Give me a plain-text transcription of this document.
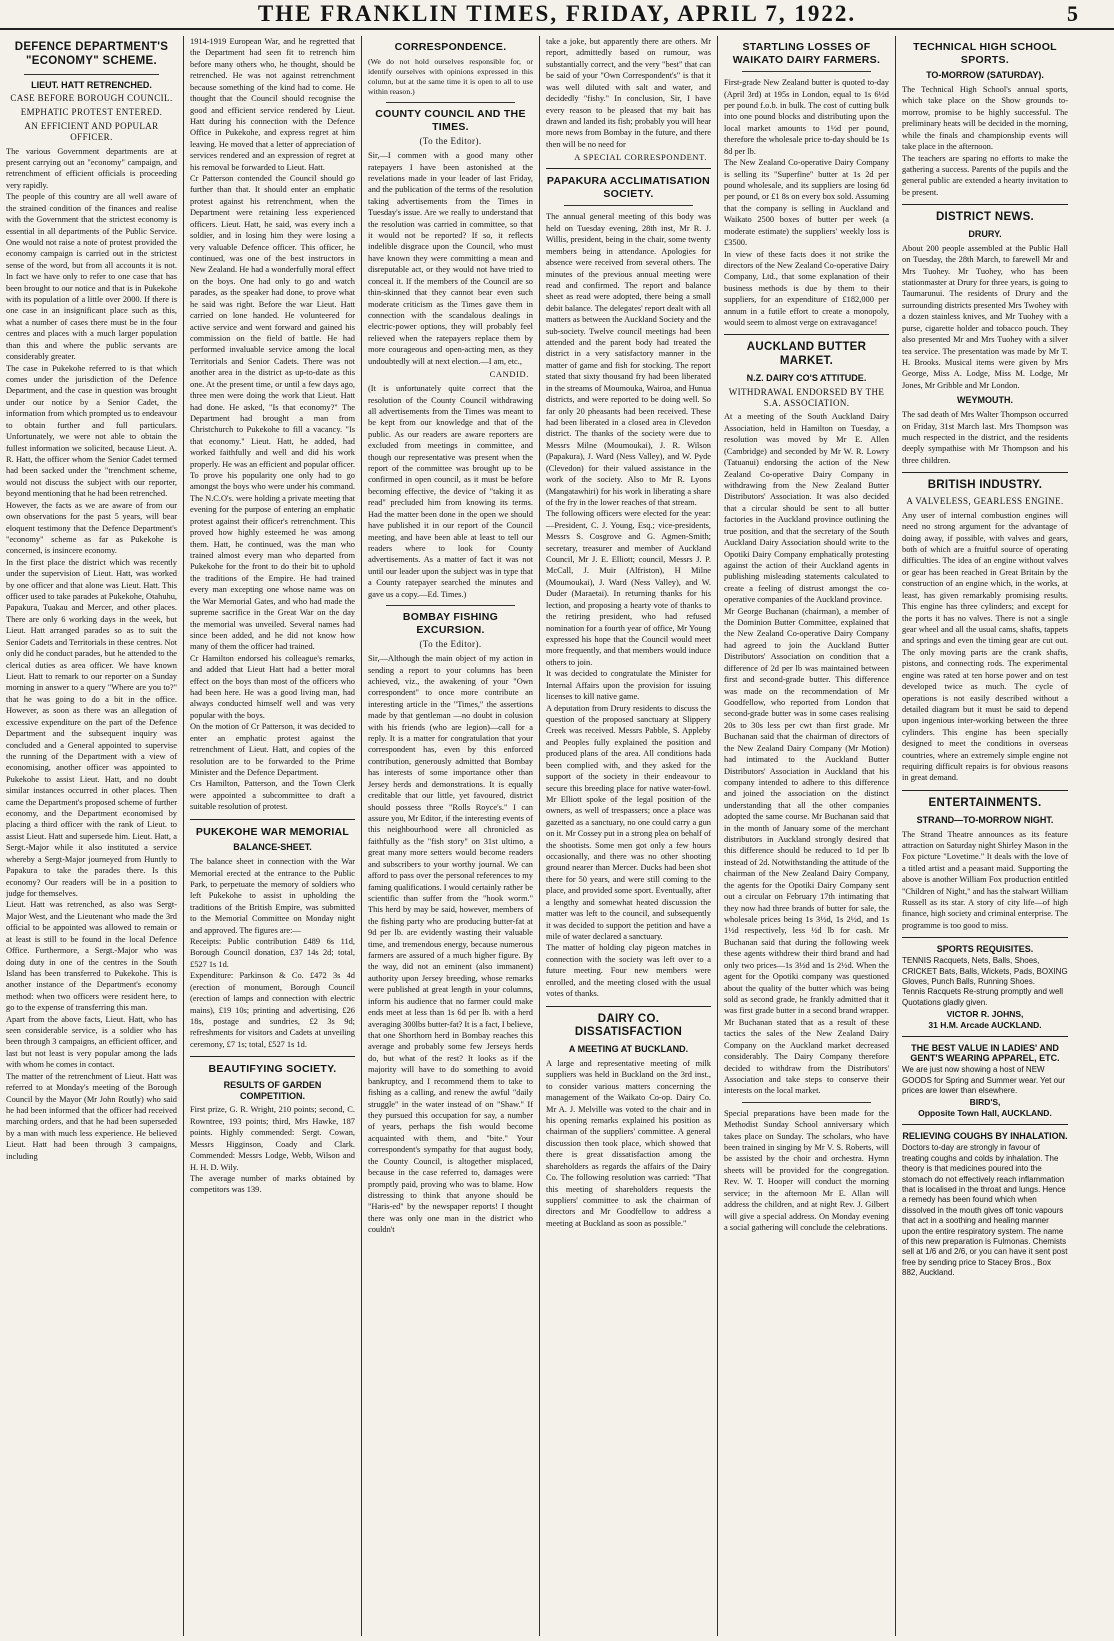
THE FRANKLIN TIMES, FRIDAY, APRIL 7, 1922.	5
DEFENCE DEPARTMENT'S "ECONOMY" SCHEME.
LIEUT. HATT RETRENCHED.
CASE BEFORE BOROUGH COUNCIL.
EMPHATIC PROTEST ENTERED.
AN EFFICIENT AND POPULAR OFFICER.

The various Government departments are at present carrying out an "economy" campaign, and retrenchment of efficient officials is proceeding very rapidly.
The people of this country are all well aware of the strained condition of the finances and realise with the Government that the strictest economy is essential in all departments of the Public Service. One would not raise a note of protest provided the economy campaign is carried out in the strictest sense of the word, but from all accounts it is not. In fact we have only to refer to one case that has been brought to our notice and that is in Pukekohe with its population of a little over 2000. If there is one case in an insignificant place such as this, what a number of cases there must be in the four centres and places with a much larger population than this and where the public servants are considerably greater.
The case in Pukekohe referred to is that which comes under the jurisdiction of the Defence Department, and the case in question was brought under our notice by a Senior Cadet, the information from which prompted us to endeavour to obtain further and full particulars. Unfortunately, we were not able to obtain the fullest information we solicited, because Lieut. A. R. Hatt, the officer whom the Senior Cadet termed had been sacked under the "trenchment scheme, would not discuss the subject with our reporter, beyond mentioning that he had been retrenched.
However, the facts as we are aware of from our own observations for the past 5 years, will bear eloquent testimony that the Defence Department's "economy" scheme as far as Pukekohe is concerned, is insincere economy.
In the first place the district which was recently under the supervision of Lieut. Hatt, was worked by one officer and that alone was Lieut. Hatt. This officer used to take parades at Pukekohe, Otahuhu, Papakura, Tuakau and Mercer, and other places. There are only 6 working days in the week, but Lieut. Hatt arranged parades so as to suit the Senior Cadets and Territorials in these centres. Not only did he conduct parades, but he attended to the clerical duties as area officer. We have known Lieut. Hatt to remark to our reporter on a Sunday morning in answer to a query "Where are you to?" that he was going to do a bit in the office. However, as soon as there was an allegation of excessive expenditure on the part of the Defence Department and the subsequent inquiry was concluded and a General appointed to supervise the running of the Department with a view of economising, another officer was appointed to Pukekohe to assist Lieut. Hatt, and no doubt similar instances occurred in other places. Then came the Department's proposed scheme of further economy, and the Department economised by placing a third officer with the rank of Lieut. to assist Lieut. Hatt and supersede him. Lieut. Hatt, a Sergt.-Major while it also instituted a service whereby a Sergt-Major journeyed from Huntly to Papakura to take the parades there. Is this economy? Our readers will be in a position to judge for themselves.
Lieut. Hatt was retrenched, as also was Sergt-Major West, and the Lieutenant who made the 3rd official to be appointed was allowed to remain or at least is still to be found in the local Defence Office. Furthermore, a Sergt.-Major who was doing duty in one of the centres in the South Island has been transferred to Pukekohe. This is another instance of the Department's economy method: when two officers were resident here, to go to the expense of transferring this man.
Apart from the above facts, Lieut. Hatt, who has seen considerable service, is a soldier who has been through 3 campaigns, an efficient officer, and last but not least is very popular among the lads with whom he comes in contact.
The matter of the retrenchment of Lieut. Hatt was referred to at Monday's meeting of the Borough Council by the Mayor (Mr John Routly) who said he had been informed that the officer had received marching orders, and that he had been superseded by a man with much less experience. He believed Lieut. Hatt had been through 3 campaigns, including

1914-1919 European War, and he regretted that the Department had seen fit to retrench him before many others who, he thought, should be retrenched. He was not against retrenchment because something of the kind had to come. He thought that the Council should recognise the good and efficient service rendered by Lieut. Hatt during his connection with the Defence Office in Pukekohe, and express regret at him leaving. He moved that a letter of appreciation of services rendered and an expression of regret at his removal be forwarded to Lieut. Hatt.
Cr Patterson contended the Council should go further than that. It should enter an emphatic protest against his retrenchment, when the Department were retaining less experienced officers. Lieut. Hatt, he said, was every inch a soldier, and in losing him they were losing a very valuable Defence officer. This officer, he continued, was one of the best instructors in New Zealand. He had a wonderfully moral effect on the boys. One had only to go and watch parades, as the speaker had done, to prove what he said was right. Before the war Lieut. Hatt carried on lone handed. He volunteered for active service and went forward and gained his commission on the field of battle. He had performed invaluable service among the local Territorials and Senior Cadets. There was not another area in the district as up-to-date as this one. At the present time, or until a few days ago, three men were doing the work that Lieut. Hatt had done. He asked, "Is that economy?" The Department had brought a man from Christchurch to Pukekohe to fill a vacancy. "Is that economy." Lieut. Hatt, he added, had worked faithfully and well and did his work properly. He was an efficient and popular officer. To prove his popularity one only had to go amongst the boys who were under his command. The N.C.O's. were holding a private meeting that evening for the purpose of entering an emphatic protest against their officer's retrenchment. This proved how highly esteemed he was among them. Hatt, he continued, was the man who trained almost every man who departed from Pukekohe for the front to do their bit to uphold the traditions of the Empire. He had trained every man excepting one whose name was on the War Memorial Gates, and who had made the supreme sacrifice in the Great War on the day the memorial was unveiled. Several names had since been added, and he did not know how many of them the officer had trained.
Cr Hamilton endorsed his colleague's remarks, and added that Lieut Hatt had a better moral effect on the boys than most of the officers who had been here. He was a good living man, had always conducted himself well and was very popular with the boys.
On the motion of Cr Patterson, it was decided to enter an emphatic protest against the retrenchment of Lieut. Hatt, and copies of the resolution are to be forwarded to the Prime Minister and the Defence Department.
Crs Hamilton, Patterson, and the Town Clerk were appointed a subcommittee to draft a suitable resolution of protest.

PUKEKOHE WAR MEMORIAL
BALANCE-SHEET.

The balance sheet in connection with the War Memorial erected at the entrance to the Public Park, to perpetuate the memory of soldiers who left Pukekohe to assist in upholding the traditions of the British Empire, was submitted to the Memorial Committee on Monday night and approved. The figures are:—
Receipts: Public contribution £489 6s 11d, Borough Council donation, £37 14s 2d; total, £527 1s 1d.
Expenditure: Parkinson & Co. £472 3s 4d (erection of monument, Borough Council (erection of lamps and connection with electric mains), £19 10s; printing and advertising, £26 18s, postage and sundries, £2 3s 9d; refreshments for visitors and Cadets at unveiling ceremony, £7 1s; total, £527 1s 1d.

BEAUTIFYING SOCIETY.
RESULTS OF GARDEN COMPETITION.

First prize, G. R. Wright, 210 points; second, C. Rowntree, 193 points; third, Mrs Hawke, 187 points. Highly commended: Sergt. Cowan, Messrs Higginson, Coady and Clark. Commended: Messrs Lodge, Webb, Wilson and H. H. D. Wily.
The average number of marks obtained by competitors was 139.

CORRESPONDENCE.

(We do not hold ourselves responsible for, or identify ourselves with opinions expressed in this column, but at the same time it is open to all to use within reason.)

COUNTY COUNCIL AND THE TIMES.
(To the Editor).

Sir,—I commen with a good many other ratepayers I have been astonished at the revelations made in your leader of last Friday, and the publication of the terms of the resolution taking advertisements from the Times in Tuesday's issue. Are we really to understand that the resolution was carried in committee, so that it would not be reported? If so, it reflects indelible disgrace upon the Council, who must have known they were committing a mean and disreputable act, or they would not have tried to conceal it. If the members of the Council are so thin-skinned that they cannot bear even such moderate criticism as the Times gave them in connection with the scandalous dealings in electric-power options, they will probably feel relieved when the ratepayers replace them by more courageous and open-acting men, as they undoubtedly will at next election.—I am, etc.,

CANDID.

(It is unfortunately quite correct that the resolution of the County Council withdrawing all advertisements from the Times was meant to be kept from our knowledge and that of the public. As our readers are aware reporters are excluded from meetings in committee, and though our representative was present when the report of the committee was brought up to be confirmed in open council, as it must be before becoming effective, the device of "taking it as read" precluded him from knowing its terms. Had the matter been done in the open we should have published it in our report of the Council meeting, and have been able at least to tell our readers where to look for County advertisements. As a matter of fact it was not until our leader upon the subject was in type that a County ratepayer searched the minutes and gave us a copy.—Ed. Times.)

BOMBAY FISHING EXCURSION.
(To the Editor).

Sir,—Although the main object of my action in sending a report to your columns has been achieved, viz., the awakening of your "Own correspondent" to once more contribute an interesting article in the "Times," the assertions made by that gentleman —no doubt in colusion with his friends (who are legion)—call for a reply. It is a matter for congratulation that your correspondent has, even by this enforced contribution, generously admitted that Bombay has interests of some importance other than Jersey herds and demonstrations. It is equally creditable that our little, yet favoured, district should possess three "Rolls Royce's." I can assure you, Mr Editor, if the interesting events of this neighbourhood were all chronicled as faithfully as the "fish story" on 31st ultimo, a great many more setters would become readers and subscribers to your worthy journal. We can afford to pass over the personal references to my faming qualifications. I would certainly rather be scientific than suffer from the "hook worm." This herd by may be said, however, members of the fishing party who are producing butter-fat at 9d per lb. are evidently wasting their valuable time, and tremendous energy, because numerous farmers are assured of a much higher figure. By the way, did not an eminent (also immanent) authority upon Jersey breeding, whose remarks were published at great length in your columns, inform his audience that no farmer could make ends meet at less than 1s 6d per lb. with a herd averaging 300lbs butter-fat? It is a fact, I believe, that one Shorthorn herd in Bombay reaches this average and probably some few Jerseys herds do, but what of the rest? It looks as if the majority will have to do something to avoid bankruptcy, and I recommend them to take to fishing as a calling, and renew the awful "daily struggle" in the water instead of on "Shaw." If they pursued this occupation for say, a number of years, perhaps the fish would become acquainted with them, and "bite." Your correspondent's sympathy for that august body, the County Council, is altogether misplaced, because in the case referred to, damages were promptly paid, proving who was to blame. How distressing to think that anyone should be "Haris-ed" by the newspaper reports! I thought there was only one man in the district who couldn't

take a joke, but apparently there are others. Mr report, admittedly based on rumour, was substantially correct, and the very "best" that can be said of your "Own Correspondent's" is that it was well diluted with salt and water, and decidedly "fishy." In conclusion, Sir, I have every reason to be pleased that my bait has drawn and landed its fish; probably you will hear more news from Bombay in the future, and there then will be no need for

A SPECIAL CORRESPONDENT.
PAPAKURA ACCLIMATISATION SOCIETY.

The annual general meeting of this body was held on Tuesday evening, 28th inst, Mr R. J. Willis, president, being in the chair, some twenty members being in attendance. Apologies for absence were received from several others. The minutes of the previous annual meeting were read and confirmed. The report and balance sheet as read were adopted, there being a small debit balance. The delegates' report dealt with all matters as between the Auckland Society and the sub-society. Twelve council meetings had been attended and the parent body had treated the district in a very satisfactory manner in the matter of game and fish for stocking. The report stated that sixty thousand fry had been liberated in the streams of Moumouka, Wairoa, and Hunua districts, and were reported to be doing well. So far only 20 pheasants had been received. These had been liberated in a closed area in Clevedon district. The thanks of the society were due to Messrs Milne (Moumoukai), J. R. Wilson (Papakura), J. Ward (Ness Valley), and W. Pyde (Clevedon) for their valued assistance in the work of the society. Also to Mr R. Lyons (Mangatawhiri) for his work in liberating a share of the fry in the lower reaches of that stream.
The following officers were elected for the year:—President, C. J. Young, Esq.; vice-presidents, Messrs S. Cosgrove and G. Agmen-Smith; secretary, treasurer and member of Auckland Council, Mr J. E. Elliott; council, Messrs J. P. McCall, J. Muir (Alfriston), H Milne (Moumoukai), J. Ward (Ness Valley), and W. Duder (Maraetai). In returning thanks for his lection, and proposing a hearty vote of thanks to the retiring president, who had refused nomination for a fourth year of office, Mr Young expressed his hope that the Council would meet more frequently, and that members would induce others to join.
It was decided to congratulate the Minister for Internal Affairs upon the provision for issuing licenses to kill native game.
A deputation from Drury residents to discuss the question of the proposed sanctuary at Slippery Creek was received. Messrs Pabble, S. Appleby and Peoples fully explained the position and produced plans of the area. All conditions hada been complied with, and they asked for the support of the society in their endeavour to secure this breeding place for native water-fowl. Mr Elliott spoke of the legal position of the owners, as well of trespassers; once a place was gazetted as a sanctuary, no one could carry a gun on it. Mr Cossey put in a strong plea on behalf of the shootists. Some men got only a few hours occasionally, and there was no other shooting ground nearer than Mercer. Ducks had been shot there for 50 years, and were still coming to the place, and provided some sport. Eventually, after a lengthy and somewhat heated discussion the matter was left to the council, and subsequently it was decided to support the petition and have a mile of water declared a sanctuary.
The matter of holding clay pigeon matches in connection with the society was left over to a future meeting. Four new members were enrolled, and the meeting closed with the usual votes of thanks.

DAIRY CO. DISSATISFACTION
A MEETING AT BUCKLAND.

A large and representative meeting of milk suppliers was held in Buckland on the 3rd inst., to consider various matters concerning the management of the Waikato Co-op. Dairy Co. Mr A. J. Melville was voted to the chair and in his opening remarks explained his position as chairman of the suppliers' committee. A general discussion then took place, which showed that there is great dissatisfaction among the shareholders as regards the affairs of the Dairy Co. The following resolution was carried: "That this meeting of shareholders requests the suppliers' committee to ask the chairman of directors and Mr Goodfellow to address a meeting at Buckland as soon as possible."

STARTLING LOSSES OF WAIKATO DAIRY FARMERS.

First-grade New Zealand butter is quoted to-day (April 3rd) at 195s in London, equal to 1s 6½d per pound f.o.b. in bulk. The cost of cutting bulk into one pound blocks and distributing upon the local market amounts to 1½d per pound, therefore the wholesale price to-day should be 1s 8d per lb.
The New Zealand Co-operative Dairy Company is selling its "Superfine" butter at 1s 2d per pound wholesale, and its suppliers are losing 6d per pound, or £1 8s on every box sold. Assuming that the company is selling in Auckland and Waikato 2500 boxes of butter per week (a moderate estimate) the suppliers' weekly loss is £3500.
In view of these facts does it not strike the directors of the New Zealand Co-operative Dairy Company, Ltd., that some explanation of their business methods is due by them to their suppliers, for an expenditure of £182,000 per annum in a futile effort to create a monopoly, would seem to almost verge on extravagance!

AUCKLAND BUTTER MARKET.
N.Z. DAIRY CO'S ATTITUDE.
WITHDRAWAL ENDORSED BY THE S.A. ASSOCIATION.

At a meeting of the South Auckland Dairy Association, held in Hamilton on Tuesday, a resolution was moved by Mr E. Allen (Cambridge) and seconded by Mr W. R. Lowry (Tatuanui) endorsing the action of the New Zealand Co-operative Dairy Company in withdrawing from the New Zealand Butter Distributors' Association. It was also decided that a circular should be sent to all butter factories in the Auckland province outlining the true position, and that the secretary of the South Auckland Dairy Association should write to the Opotiki Dairy Company emphatically protesting against the action of their Auckland agents in publishing misleading statements calculated to create a feeling of distrust amongst the co-operative companies of the Auckland province.
Mr George Buchanan (chairman), a member of the Dominion Butter Committee, explained that the New Zealand Co-operative Dairy Company had agreed to join the Auckland Butter Distributors' Association on condition that a difference of 2d per lb was maintained between first and second-grade butter. This difference was made on the recommendation of Mr Goodfellow, who reported from London that second-grade butter was in some cases realising 20s to 30s less per cwt than first grade. Mr Buchanan said that the chairman of directors of the New Zealand Dairy Company (Mr Motion) had intimated to the Auckland Butter Distributors' Association in Auckland that his company intended to adhere to this difference and joined the association on the distinct understanding that all the other companies adopted the same course. Mr Buchanan said that in the month of January some of the merchant distributors in Auckland strongly desired that this difference should be reduced to 1d per lb instead of 2d. Notwithstanding the attitude of the chairman of the New Zealand Dairy Company, the agents for the Opotiki Dairy Company sent out a circular on February 17th intimating that they now had three brands of butter for sale, the wholesale prices being 1s 3½d, 1s 2½d, and 1s 1½d respectively, less ½d lb for cash. Mr Buchanan said that during the following week these agents withdrew their third brand and had only two prices—1s 3½d and 1s 2½d. When the agent for the Opotiki company was questioned about the quality of the butter which was being sold as second grade, he frankly admitted that it was first grade butter in a second brand wrapper. Mr Buchanan stated that as a result of these tactics the sales of the New Zealand Dairy Company on the Auckland market decreased considerably. The Dairy Company therefore decided to withdraw from the Distributors' Association and take steps to conserve their interests on the local market.

Special preparations have been made for the Methodist Sunday School anniversary which takes place on Sunday. The scholars, who have been trained in singing by Mr V. S. Roberts, will be assisted by the choir and orchestra. Hymn sheets will be provided for the congregation. Rev. W. T. Hooper will conduct the morning service; in the afternoon Mr E. Allan will address the children, and at night Rev. J. Gilbert will give a special address. On Monday evening a social gathering will conclude the celebrations.

TECHNICAL HIGH SCHOOL SPORTS.
TO-MORROW (SATURDAY).

The Technical High School's annual sports, which take place on the Show grounds to-morrow, promise to be highly successful. The preliminary heats will be decided in the morning, while the finals and championship events will take place in the afternoon.
The teachers are sparing no efforts to make the gathering a success. Parents of the pupils and the general public are extended a hearty invitation to be present.

DISTRICT NEWS.
DRURY.

About 200 people assembled at the Public Hall on Tuesday, the 28th March, to farewell Mr and Mrs Tuohey. Mr Tuohey, who has been stationmaster at Drury for three years, is going to Taumarunui. The residents of Drury and the surrounding districts presented Mrs Twohey with a dozen stainless knives, and Mr Tuohey with a purse, cigarette holder and tobacco pouch. They also presented Mr and Mrs Tuohey with a silver tea service. The presentation was made by Mr T. H. Brooks. Musical items were given by Mrs George, Miss A. Lodge, Miss M. Lodge, Mr Jones, Mr Gribble and Mr London.

WEYMOUTH.

The sad death of Mrs Walter Thompson occurred on Friday, 31st March last. Mrs Thompson was much respected in the district, and the residents deeply sympathise with Mr Thompson and his three children.

BRITISH INDUSTRY.
A VALVELESS, GEARLESS ENGINE.

Any user of internal combustion engines will need no strong argument for the advantage of doing away, if possible, with valves and gears, both of which are a fruitful source of operating difficulties. The idea of an engine without valves or gear has been reached in Great Britain by the construction of an engine which, in the works, at least, has given remarkably promising results. This engine has three cylinders; and except for the ports it has no valves. There is not a single gear wheel and all the usual cams, shafts, tappets and springs and even the timing gear are cut out. The only moving parts are the crank shafts, pistons, and connecting rods. The experimental engine was rated at ten horse power and on test developed twice as much. The cycle of operations is not easily described without a detailed diagram but it must be said to depend upon ingenious inter-working between the three cylinders. This engine has been specially designed to meet the conditions in overseas countries, where an extremely simple engine not requiring difficult repairs is for obvious reasons in great demand.

ENTERTAINMENTS.
STRAND—TO-MORROW NIGHT.

The Strand Theatre announces as its feature attraction on Saturday night Shirley Mason in the Fox picture "Lovetime." It deals with the love of a titled artist and a peasant maid. Supporting the above is another William Fox production entitled "Children of Night," and has the stalwart William Russell as its star. A story of city life—of high finance, high society and criminal enterprise. The programme is too good to miss.

SPORTS REQUISITES.

TENNIS Racquets, Nets, Balls, Shoes, CRICKET Bats, Balls, Wickets, Pads, BOXING Gloves, Punch Balls, Running Shoes.
Tennis Racquets Re-strung promptly and well Quotations gladly given.

VICTOR R. JOHNS,
31 H.M. Arcade AUCKLAND.
THE BEST VALUE IN LADIES' AND GENT'S WEARING APPAREL, ETC.

We are just now showing a host of NEW GOODS for Spring and Summer wear. Yet our prices are lower than elsewhere.

BIRD'S,
Opposite Town Hall, AUCKLAND.
RELIEVING COUGHS BY INHALATION.

Doctors to-day are strongly in favour of treating coughs and colds by inhalation. The theory is that medicines poured into the stomach do not effectively reach inflammation that is localised in the throat and lungs. Hence a remedy has been found which when dissolved in the mouth gives off tonic vapours that act in a soothing and healing manner upon the entire respiratory system. The name of this new preparation is Fulmonas. Chemists sell at 1/6 and 2/6, or you can have it sent post free by sending price to Stacey Bros., Box 882, Auckland.
